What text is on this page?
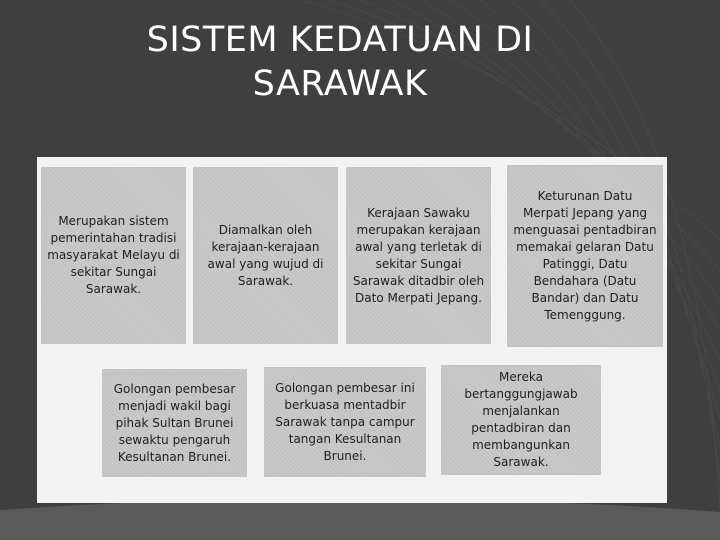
SISTEM KEDATUAN DI
SARAWAK
Merupakan sistem pemerintahan tradisi masyarakat Melayu di sekitar Sungai Sarawak.
Diamalkan oleh kerajaan-kerajaan awal yang wujud di Sarawak.
Kerajaan Sawaku merupakan kerajaan awal yang terletak di sekitar Sungai Sarawak ditadbir oleh Dato Merpati Jepang.
Keturunan Datu Merpati Jepang yang menguasai pentadbiran memakai gelaran Datu Patinggi, Datu Bendahara (Datu Bandar) dan Datu Temenggung.
Golongan pembesar menjadi wakil bagi pihak Sultan Brunei sewaktu pengaruh Kesultanan Brunei.
Golongan pembesar ini berkuasa mentadbir Sarawak tanpa campur tangan Kesultanan Brunei.
Mereka bertanggungjawab menjalankan pentadbiran dan membangunkan Sarawak.
